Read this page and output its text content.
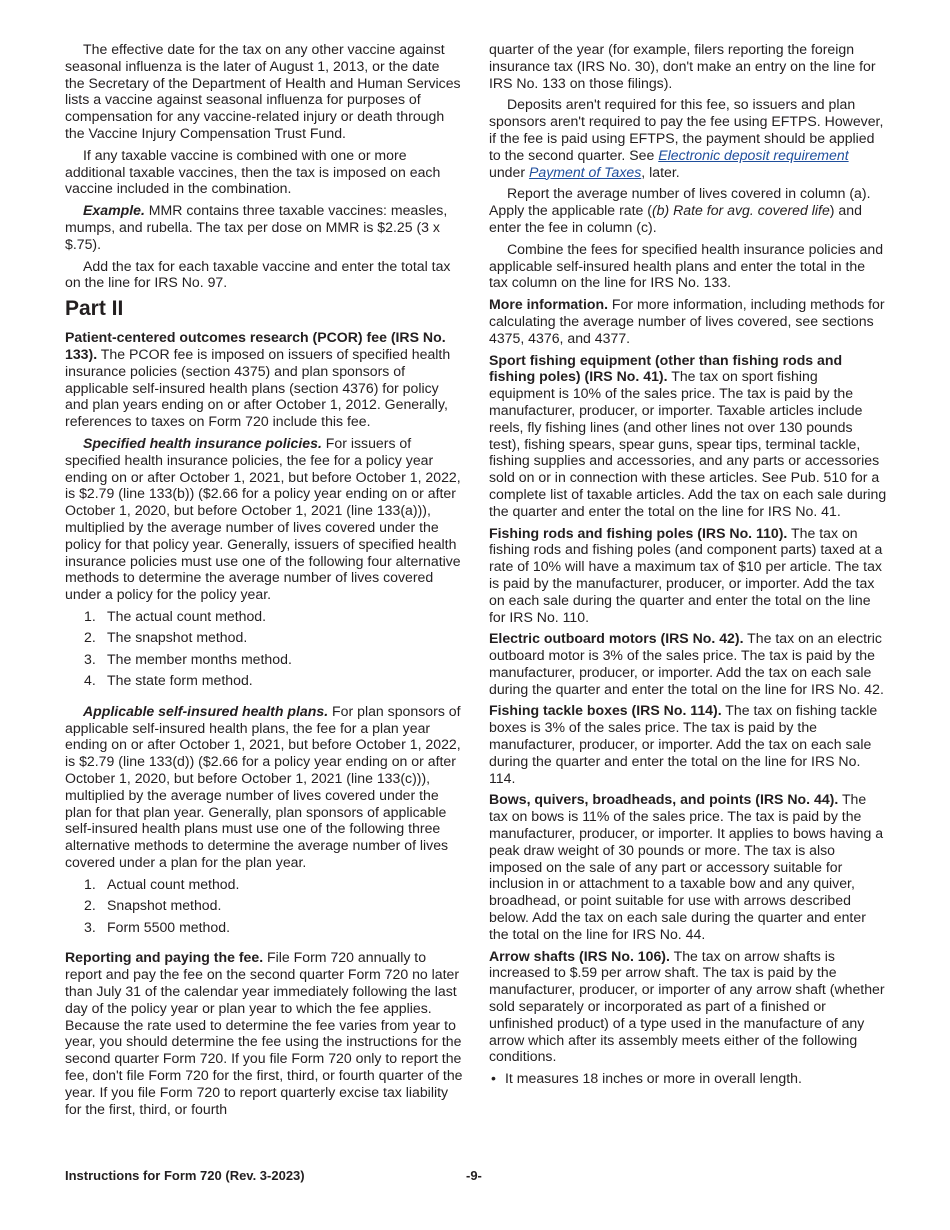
The effective date for the tax on any other vaccine against seasonal influenza is the later of August 1, 2013, or the date the Secretary of the Department of Health and Human Services lists a vaccine against seasonal influenza for purposes of compensation for any vaccine-related injury or death through the Vaccine Injury Compensation Trust Fund.

If any taxable vaccine is combined with one or more additional taxable vaccines, then the tax is imposed on each vaccine included in the combination.

Example. MMR contains three taxable vaccines: measles, mumps, and rubella. The tax per dose on MMR is $2.25 (3 x $.75).

Add the tax for each taxable vaccine and enter the total tax on the line for IRS No. 97.

Part II

Patient-centered outcomes research (PCOR) fee (IRS No. 133). The PCOR fee is imposed on issuers of specified health insurance policies (section 4375) and plan sponsors of applicable self-insured health plans (section 4376) for policy and plan years ending on or after October 1, 2012. Generally, references to taxes on Form 720 include this fee.

Specified health insurance policies. For issuers of specified health insurance policies, the fee for a policy year ending on or after October 1, 2021, but before October 1, 2022, is $2.79 (line 133(b)) ($2.66 for a policy year ending on or after October 1, 2020, but before October 1, 2021 (line 133(a))), multiplied by the average number of lives covered under the policy for that policy year. Generally, issuers of specified health insurance policies must use one of the following four alternative methods to determine the average number of lives covered under a policy for the policy year.

1. The actual count method.
2. The snapshot method.
3. The member months method.
4. The state form method.

Applicable self-insured health plans. For plan sponsors of applicable self-insured health plans, the fee for a plan year ending on or after October 1, 2021, but before October 1, 2022, is $2.79 (line 133(d)) ($2.66 for a policy year ending on or after October 1, 2020, but before October 1, 2021 (line 133(c))), multiplied by the average number of lives covered under the plan for that plan year. Generally, plan sponsors of applicable self-insured health plans must use one of the following three alternative methods to determine the average number of lives covered under a plan for the plan year.

1. Actual count method.
2. Snapshot method.
3. Form 5500 method.

Reporting and paying the fee. File Form 720 annually to report and pay the fee on the second quarter Form 720 no later than July 31 of the calendar year immediately following the last day of the policy year or plan year to which the fee applies. Because the rate used to determine the fee varies from year to year, you should determine the fee using the instructions for the second quarter Form 720. If you file Form 720 only to report the fee, don't file Form 720 for the first, third, or fourth quarter of the year. If you file Form 720 to report quarterly excise tax liability for the first, third, or fourth

quarter of the year (for example, filers reporting the foreign insurance tax (IRS No. 30), don't make an entry on the line for IRS No. 133 on those filings).

Deposits aren't required for this fee, so issuers and plan sponsors aren't required to pay the fee using EFTPS. However, if the fee is paid using EFTPS, the payment should be applied to the second quarter. See Electronic deposit requirement under Payment of Taxes, later.

Report the average number of lives covered in column (a). Apply the applicable rate ((b) Rate for avg. covered life) and enter the fee in column (c).

Combine the fees for specified health insurance policies and applicable self-insured health plans and enter the total in the tax column on the line for IRS No. 133.

More information. For more information, including methods for calculating the average number of lives covered, see sections 4375, 4376, and 4377.

Sport fishing equipment (other than fishing rods and fishing poles) (IRS No. 41). The tax on sport fishing equipment is 10% of the sales price. The tax is paid by the manufacturer, producer, or importer. Taxable articles include reels, fly fishing lines (and other lines not over 130 pounds test), fishing spears, spear guns, spear tips, terminal tackle, fishing supplies and accessories, and any parts or accessories sold on or in connection with these articles. See Pub. 510 for a complete list of taxable articles. Add the tax on each sale during the quarter and enter the total on the line for IRS No. 41.

Fishing rods and fishing poles (IRS No. 110). The tax on fishing rods and fishing poles (and component parts) taxed at a rate of 10% will have a maximum tax of $10 per article. The tax is paid by the manufacturer, producer, or importer. Add the tax on each sale during the quarter and enter the total on the line for IRS No. 110.

Electric outboard motors (IRS No. 42). The tax on an electric outboard motor is 3% of the sales price. The tax is paid by the manufacturer, producer, or importer. Add the tax on each sale during the quarter and enter the total on the line for IRS No. 42.

Fishing tackle boxes (IRS No. 114). The tax on fishing tackle boxes is 3% of the sales price. The tax is paid by the manufacturer, producer, or importer. Add the tax on each sale during the quarter and enter the total on the line for IRS No. 114.

Bows, quivers, broadheads, and points (IRS No. 44). The tax on bows is 11% of the sales price. The tax is paid by the manufacturer, producer, or importer. It applies to bows having a peak draw weight of 30 pounds or more. The tax is also imposed on the sale of any part or accessory suitable for inclusion in or attachment to a taxable bow and any quiver, broadhead, or point suitable for use with arrows described below. Add the tax on each sale during the quarter and enter the total on the line for IRS No. 44.

Arrow shafts (IRS No. 106). The tax on arrow shafts is increased to $.59 per arrow shaft. The tax is paid by the manufacturer, producer, or importer of any arrow shaft (whether sold separately or incorporated as part of a finished or unfinished product) of a type used in the manufacture of any arrow which after its assembly meets either of the following conditions.

• It measures 18 inches or more in overall length.
Instructions for Form 720 (Rev. 3-2023)	-9-
